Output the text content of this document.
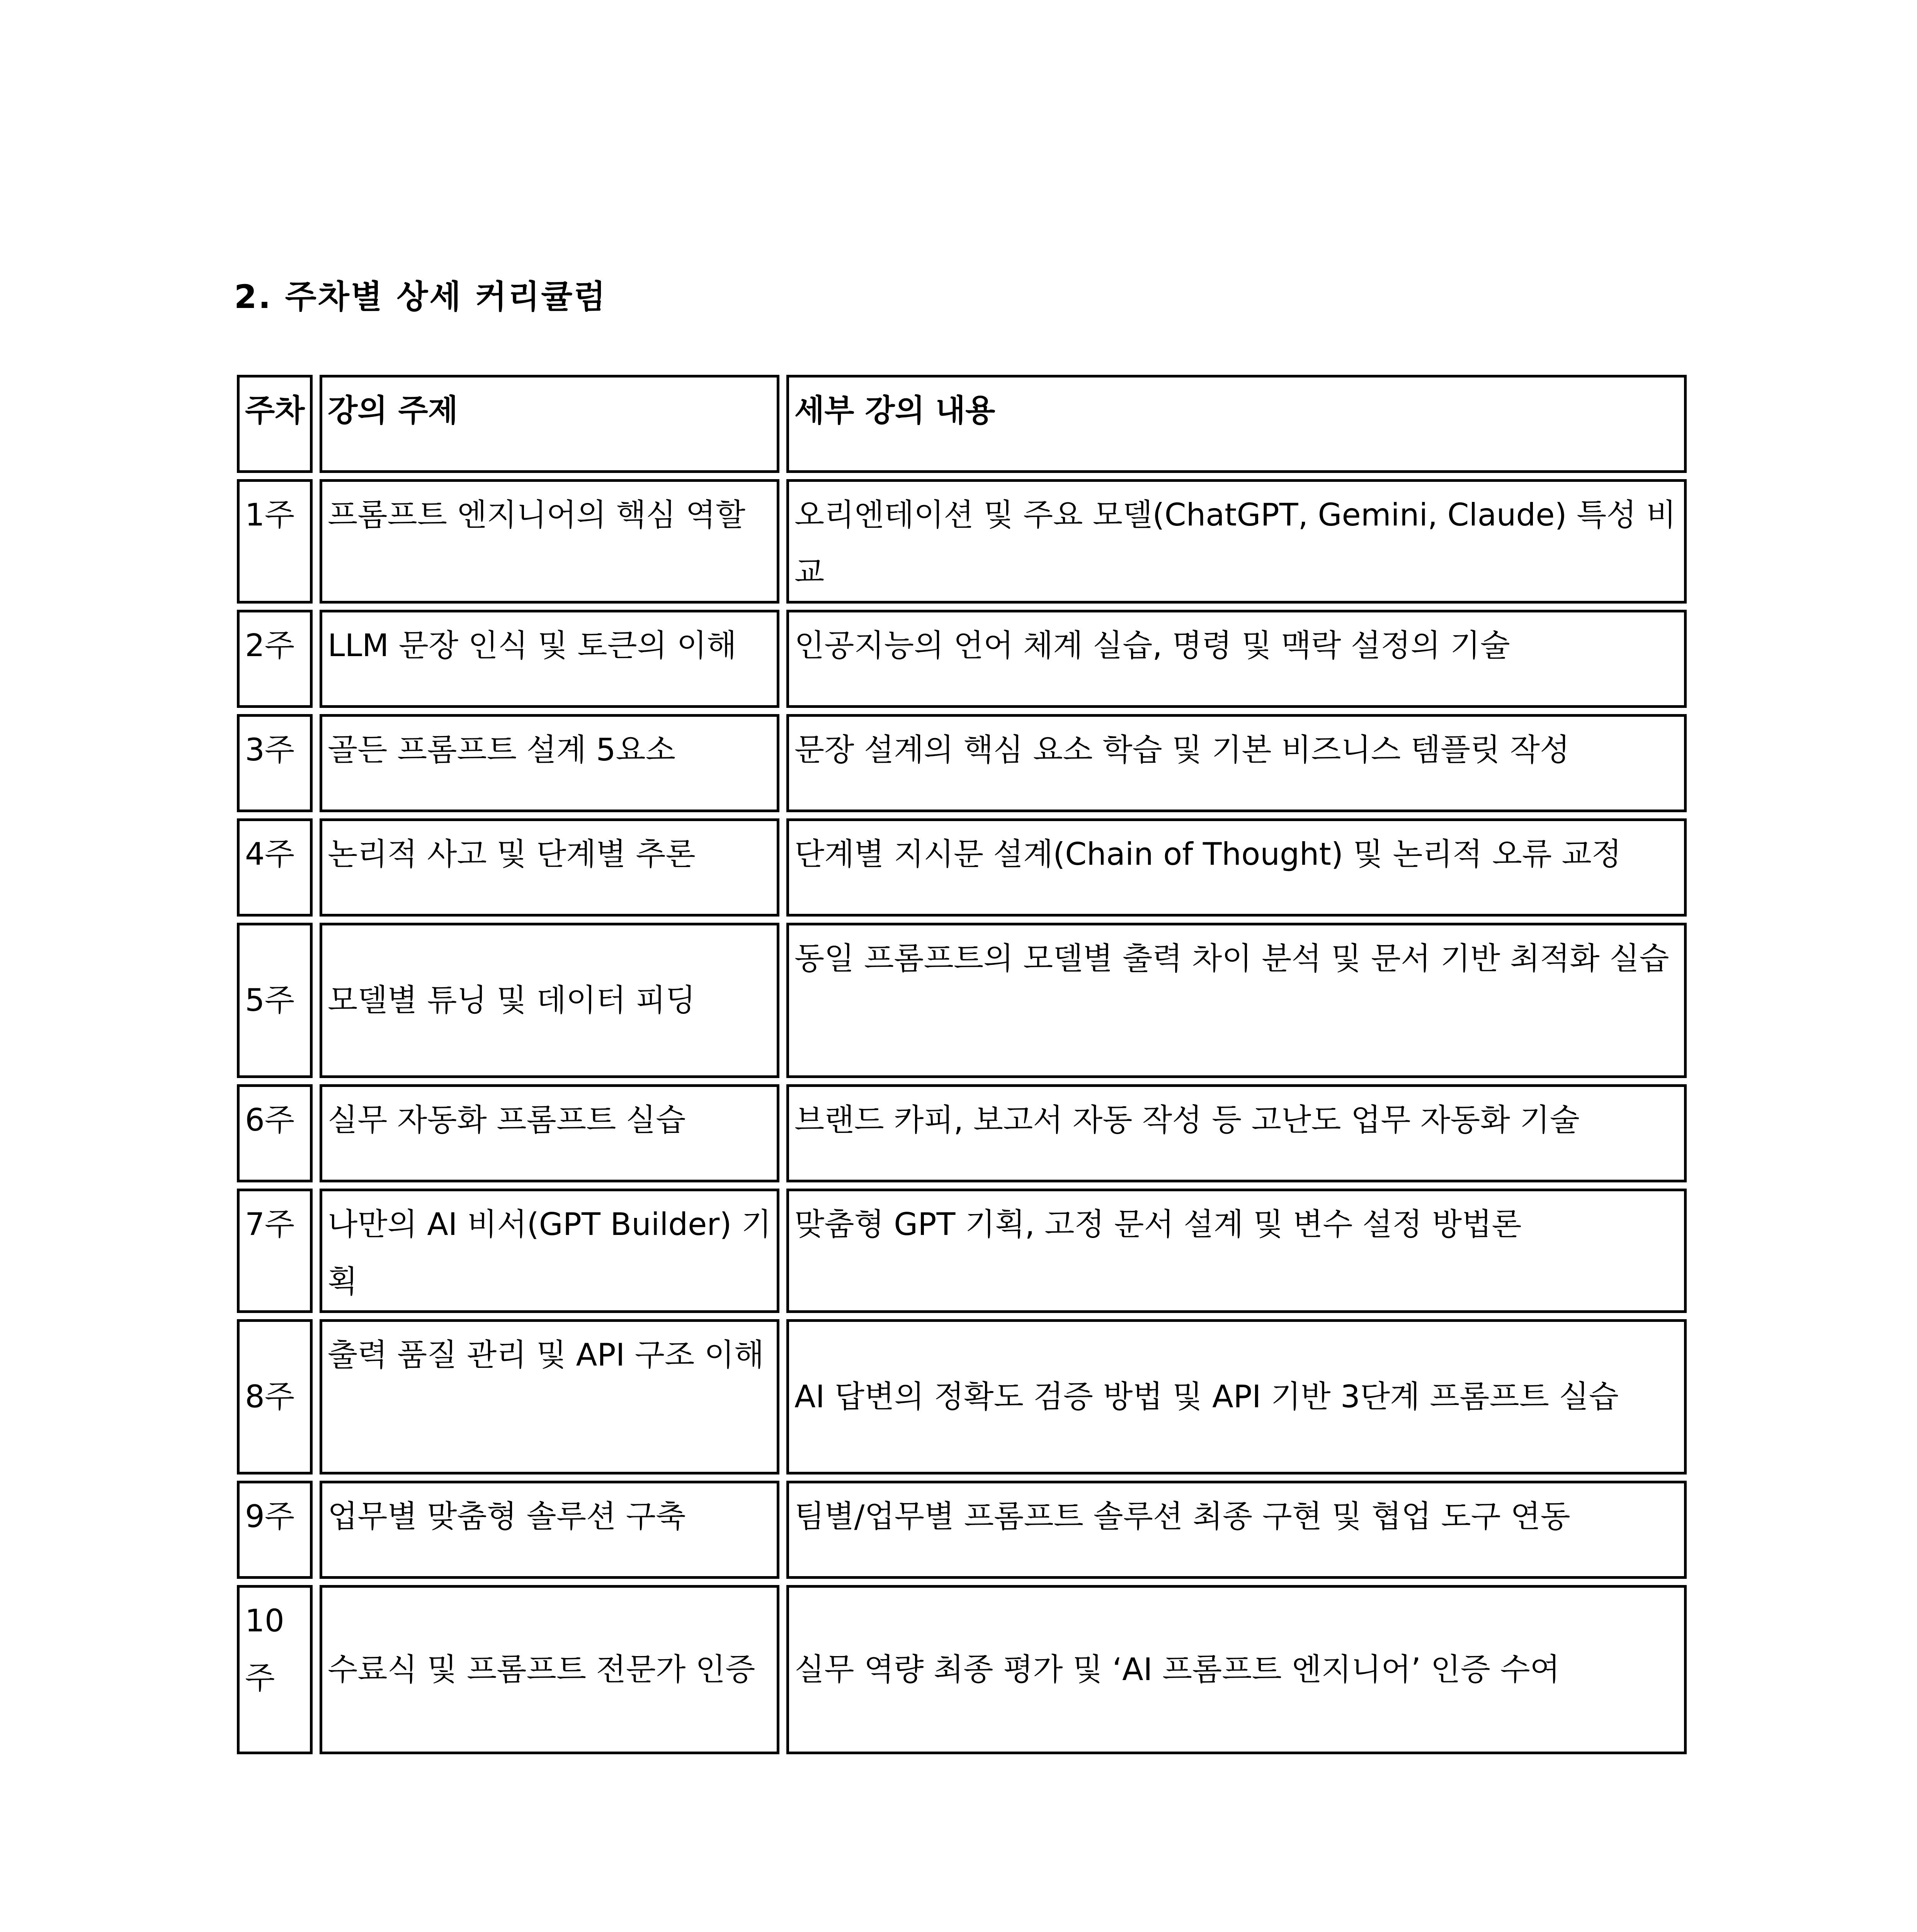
2. 주차별 상세 커리큘럼
주차	강의 주제	세부 강의 내용
1주	프롬프트 엔지니어의 핵심 역할	오리엔테이션 및 주요 모델(ChatGPT, Gemini, Claude) 특성 비교
2주	LLM 문장 인식 및 토큰의 이해	인공지능의 언어 체계 실습, 명령 및 맥락 설정의 기술
3주	골든 프롬프트 설계 5요소	문장 설계의 핵심 요소 학습 및 기본 비즈니스 템플릿 작성
4주	논리적 사고 및 단계별 추론	단계별 지시문 설계(Chain of Thought) 및 논리적 오류 교정
5주	모델별 튜닝 및 데이터 피딩	동일 프롬프트의 모델별 출력 차이 분석 및 문서 기반 최적화 실습
6주	실무 자동화 프롬프트 실습	브랜드 카피, 보고서 자동 작성 등 고난도 업무 자동화 기술
7주	나만의 AI 비서(GPT Builder) 기획	맞춤형 GPT 기획, 고정 문서 설계 및 변수 설정 방법론
8주	출력 품질 관리 및 API 구조 이해	AI 답변의 정확도 검증 방법 및 API 기반 3단계 프롬프트 실습
9주	업무별 맞춤형 솔루션 구축	팀별/업무별 프롬프트 솔루션 최종 구현 및 협업 도구 연동
10주	수료식 및 프롬프트 전문가 인증	실무 역량 최종 평가 및 ‘AI 프롬프트 엔지니어’ 인증 수여
